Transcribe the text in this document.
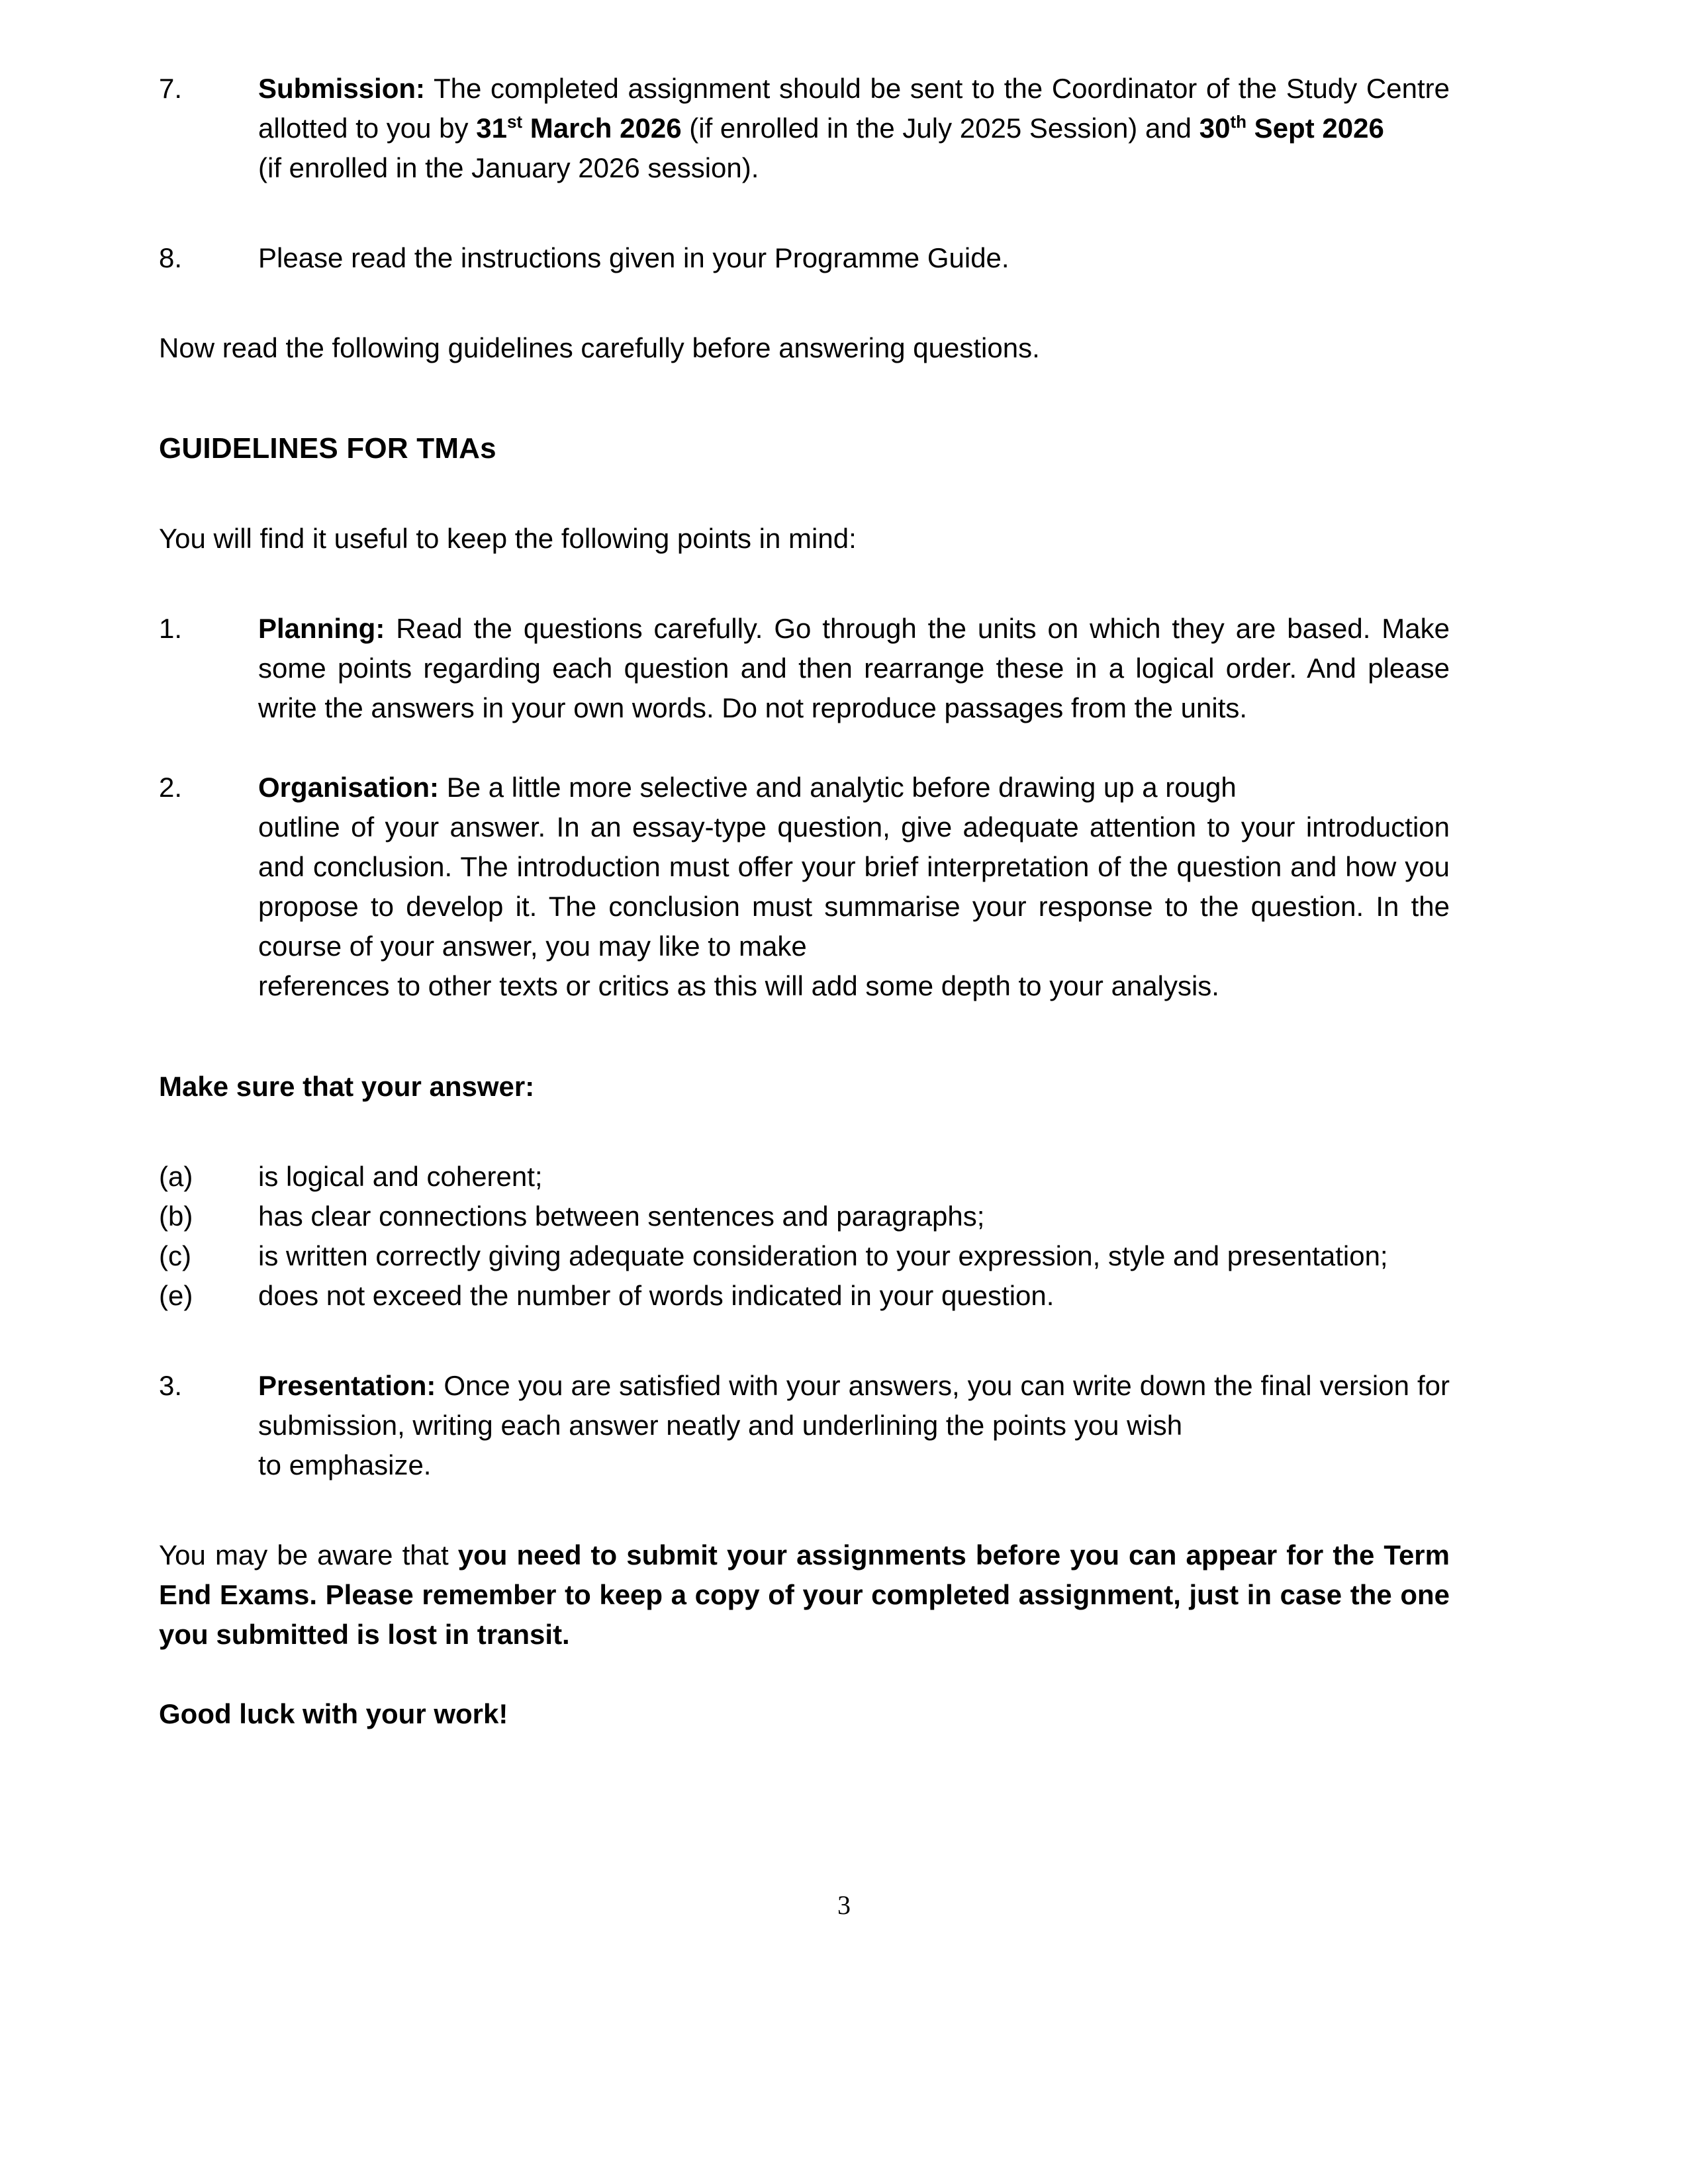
7.	Submission: The completed assignment should be sent to the Coordinator of the Study Centre allotted to you by 31st March 2026 (if enrolled in the July 2025 Session) and 30th Sept 2026
(if enrolled in the January 2026 session).
8.	Please read the instructions given in your Programme Guide.
Now read the following guidelines carefully before answering questions.
GUIDELINES FOR TMAs
You will find it useful to keep the following points in mind:
1.	Planning: Read the questions carefully. Go through the units on which they are based. Make some points regarding each question and then rearrange these in a logical order. And please write the answers in your own words. Do not reproduce passages from the units.
2.	Organisation: Be a little more selective and analytic before drawing up a rough
outline of your answer. In an essay-type question, give adequate attention to your introduction and conclusion. The introduction must offer your brief interpretation of the question and how you propose to develop it. The conclusion must summarise your response to the question. In the course of your answer, you may like to make
references to other texts or critics as this will add some depth to your analysis.
Make sure that your answer:
(a)	is logical and coherent;
(b)	has clear connections between sentences and paragraphs;
(c)	is written correctly giving adequate consideration to your expression, style and presentation;
(e)	does not exceed the number of words indicated in your question.
3.	Presentation: Once you are satisfied with your answers, you can write down the final version for submission, writing each answer neatly and underlining the points you wish
to emphasize.
You may be aware that you need to submit your assignments before you can appear for the Term End Exams. Please remember to keep a copy of your completed assignment, just in case the one you submitted is lost in transit.
Good luck with your work!
3
